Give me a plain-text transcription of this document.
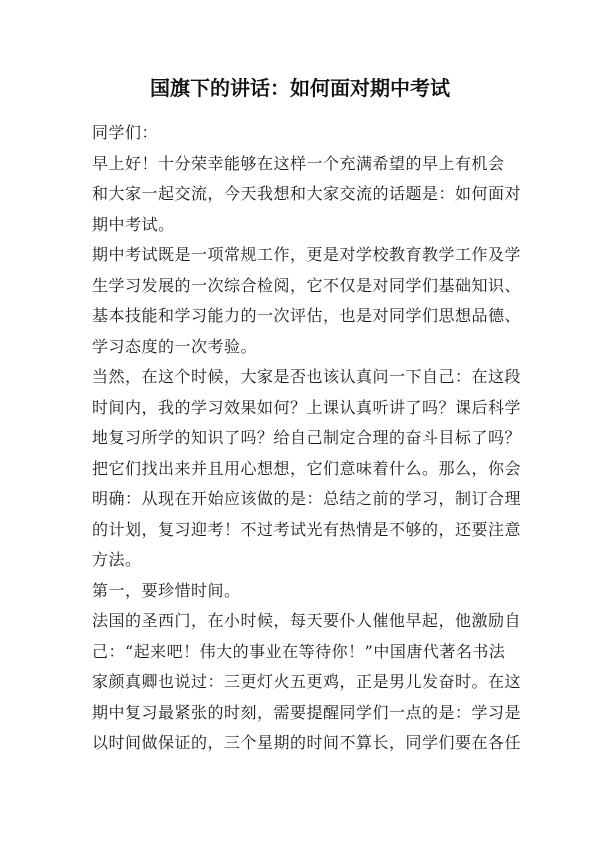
国旗下的讲话：如何面对期中考试
同学们：
早上好！十分荣幸能够在这样一个充满希望的早上有机会
和大家一起交流，今天我想和大家交流的话题是：如何面对
期中考试。
期中考试既是一项常规工作，更是对学校教育教学工作及学
生学习发展的一次综合检阅，它不仅是对同学们基础知识、
基本技能和学习能力的一次评估，也是对同学们思想品德、
学习态度的一次考验。
当然，在这个时候，大家是否也该认真问一下自己：在这段
时间内，我的学习效果如何？上课认真听讲了吗？课后科学
地复习所学的知识了吗？给自己制定合理的奋斗目标了吗？
把它们找出来并且用心想想，它们意味着什么。那么，你会
明确：从现在开始应该做的是：总结之前的学习，制订合理
的计划，复习迎考！不过考试光有热情是不够的，还要注意
方法。
第一，要珍惜时间。
法国的圣西门，在小时候，每天要仆人催他早起，他激励自
己：“起来吧！伟大的事业在等待你！”中国唐代著名书法
家颜真卿也说过：三更灯火五更鸡，正是男儿发奋时。在这
期中复习最紧张的时刻，需要提醒同学们一点的是：学习是
以时间做保证的，三个星期的时间不算长，同学们要在各任
